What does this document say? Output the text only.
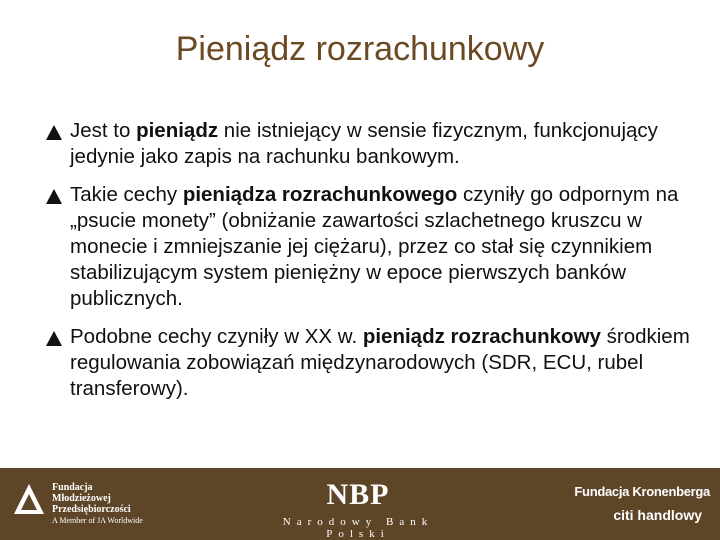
Pieniądz rozrachunkowy
Jest to pieniądz nie istniejący w sensie fizycznym, funkcjonujący jedynie jako zapis na rachunku bankowym.
Takie cechy pieniądza rozrachunkowego czyniły go odpornym na „psucie monety” (obniżanie zawartości szlachetnego kruszcu w monecie i zmniejszanie jej ciężaru), przez co stał się czynnikiem stabilizującym system pieniężny w epoce pierwszych banków publicznych.
Podobne cechy czyniły w XX w. pieniądz rozrachunkowy środkiem regulowania zobowiązań międzynarodowych (SDR, ECU, rubel transferowy).
Fundacja
Młodzieżowej
Przedsiębiorczości
A Member of JA Worldwide
NBP
Narodowy Bank Polski
Fundacja Kronenberga
citi handlowy
